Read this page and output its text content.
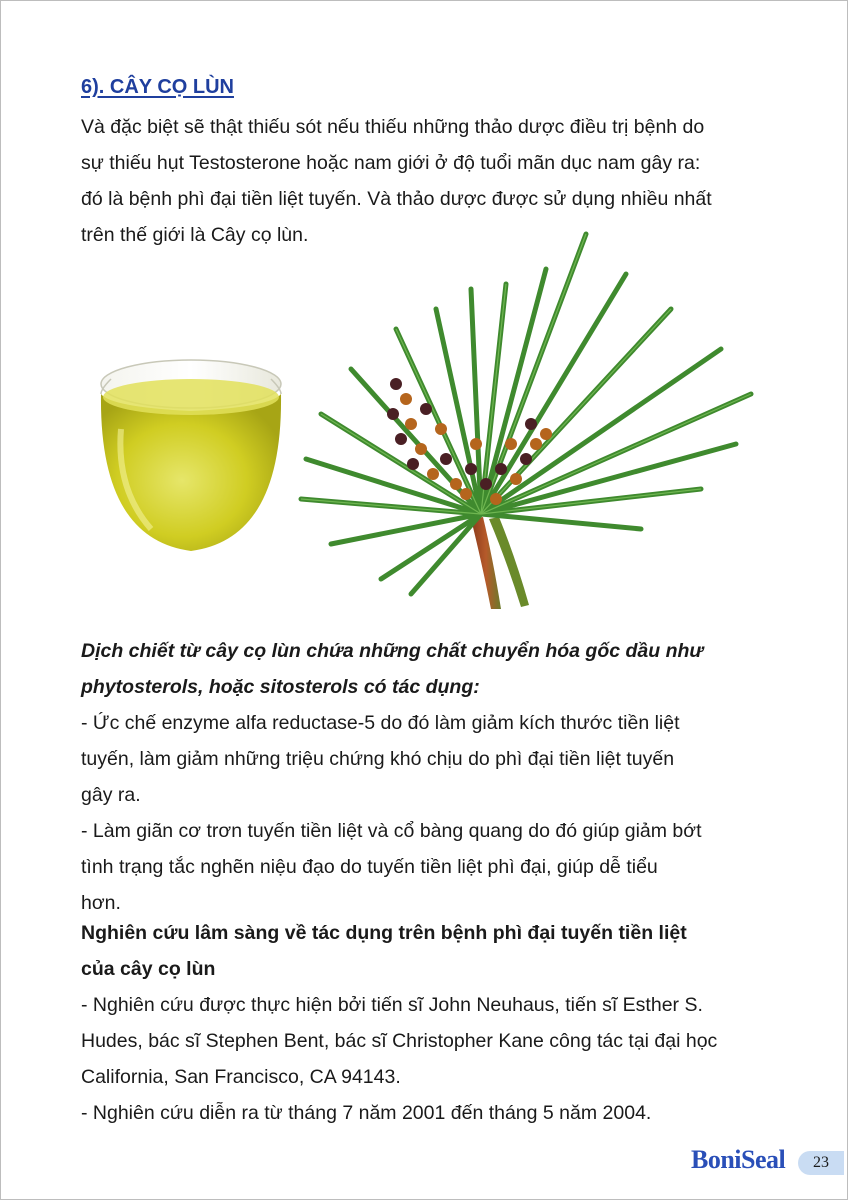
6). CÂY CỌ LÙN
Và đặc biệt sẽ thật thiếu sót nếu thiếu những thảo dược điều trị bệnh do
sự thiếu hụt Testosterone hoặc nam giới ở độ tuổi mãn dục nam gây ra:
đó là bệnh phì đại tiền liệt tuyến. Và thảo dược được sử dụng nhiều nhất
trên thế giới là Cây cọ lùn.
Dịch chiết từ cây cọ lùn chứa những chất chuyển hóa gốc dầu như
phytosterols, hoặc sitosterols có tác dụng:
- Ức chế enzyme alfa reductase-5 do đó làm giảm kích thước tiền liệt
tuyến, làm giảm những triệu chứng khó chịu do phì đại tiền liệt tuyến
gây ra.
- Làm giãn cơ trơn tuyến tiền liệt và cổ bàng quang do đó giúp giảm bớt
tình trạng tắc nghẽn niệu đạo do tuyến tiền liệt phì đại, giúp dễ tiểu
hơn.
Nghiên cứu lâm sàng về tác dụng trên bệnh phì đại tuyến tiền liệt
của cây cọ lùn
- Nghiên cứu được thực hiện bởi tiến sĩ John Neuhaus, tiến sĩ Esther S.
Hudes, bác sĩ Stephen Bent, bác sĩ Christopher Kane công tác tại đại học
California, San Francisco, CA 94143.
- Nghiên cứu diễn ra từ tháng 7 năm 2001 đến tháng 5 năm 2004.
BoniSeal	23
